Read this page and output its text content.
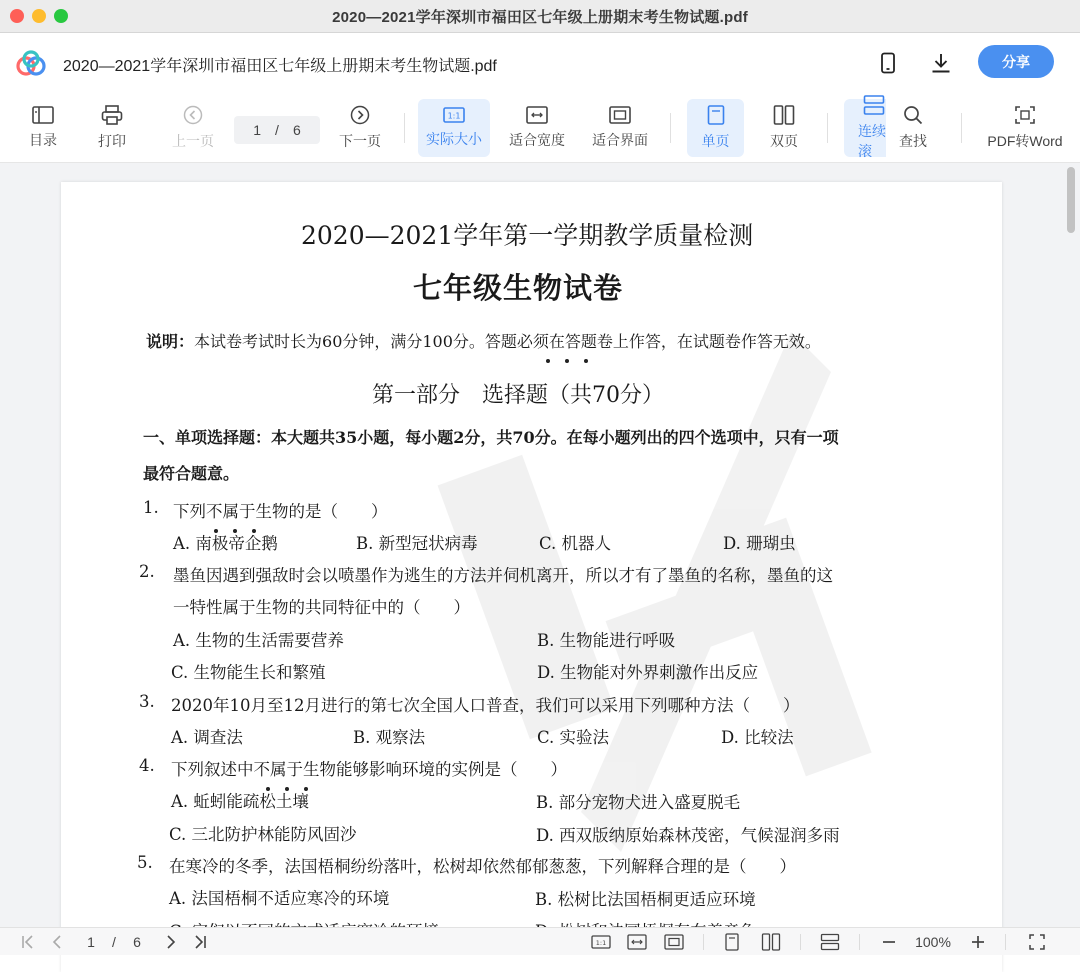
2020—2021学年深圳市福田区七年级上册期末考生物试题.pdf
2020—2021学年深圳市福田区七年级上册期末考生物试题.pdf	分享
目录	打印	上一页
1 / 6
下一页
1:1
实际大小 适合宽度 适合界面	单页	双页
连续滚
查找	PDF转Word
2020—2021学年第一学期教学质量检测
七年级生物试卷
说明：本试卷考试时长为60分钟，满分100分。答题必须在答题卷上作答，在试题卷作答无效。
第一部分　选择题（共70分）
一、单项选择题：本大题共35小题，每小题2分，共70分。在每小题列出的四个选项中，只有一项
最符合题意。
1. 下列不属于生物的是（　　）
A. 南极帝企鹅	B. 新型冠状病毒	C. 机器人	D. 珊瑚虫
2. 墨鱼因遇到强敌时会以喷墨作为逃生的方法并伺机离开，所以才有了墨鱼的名称，墨鱼的这
一特性属于生物的共同特征中的（　　）
A. 生物的生活需要营养	B. 生物能进行呼吸
C. 生物能生长和繁殖	D. 生物能对外界刺激作出反应
3. 2020年10月至12月进行的第七次全国人口普查，我们可以采用下列哪种方法（　　）
A. 调查法	B. 观察法	C. 实验法	D. 比较法
4. 下列叙述中不属于生物能够影响环境的实例是（　　）
A. 蚯蚓能疏松土壤	B. 部分宠物犬进入盛夏脱毛
C. 三北防护林能防风固沙	D. 西双版纳原始森林茂密，气候湿润多雨
5. 在寒冷的冬季，法国梧桐纷纷落叶，松树却依然郁郁葱葱，下列解释合理的是（　　）
A. 法国梧桐不适应寒冷的环境	B. 松树比法国梧桐更适应环境
1 / 6	1:1	100%
